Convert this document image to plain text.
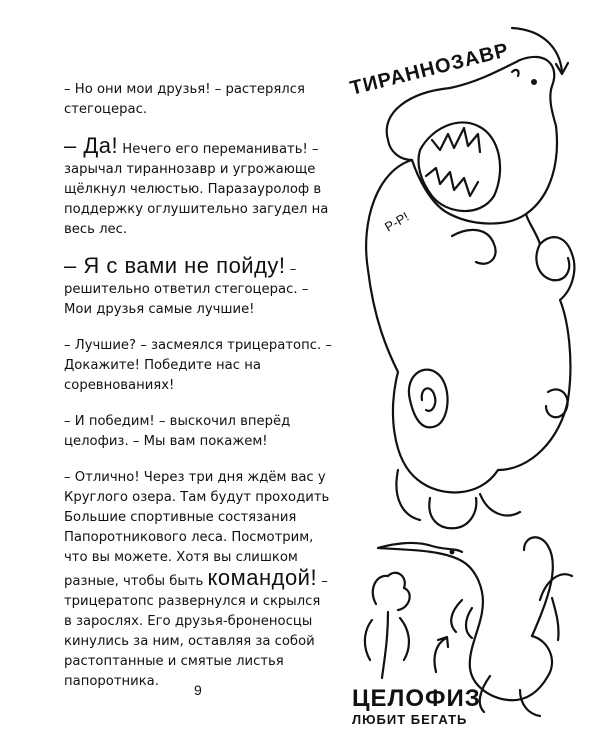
– Но они мои друзья! – растерялся стегоцерас.

– Да! Нечего его переманивать! – зарычал тираннозавр и угрожающе щёлкнул челюстью. Паразауролоф в поддержку оглушительно загудел на весь лес.

– Я с вами не пойду! – решительно ответил стегоцерас. – Мои друзья самые лучшие!

– Лучшие? – засмеялся трицератопс. – Докажите! Победите нас на соревнованиях!

– И победим! – выскочил вперёд целофиз. – Мы вам покажем!

– Отлично! Через три дня ждём вас у Круглого озера. Там будут проходить Большие спортивные состязания Папоротникового леса. Посмотрим, что вы можете. Хотя вы слишком разные, чтобы быть командой! – трицератопс развернулся и скрылся в зарослях. Его друзья-броненосцы кинулись за ним, оставляя за собой растоптанные и смятые листья папоротника.

9
ТИРАННОЗАВР
Р-Р!
ЦЕЛОФИЗ
ЛЮБИТ БЕГАТЬ
